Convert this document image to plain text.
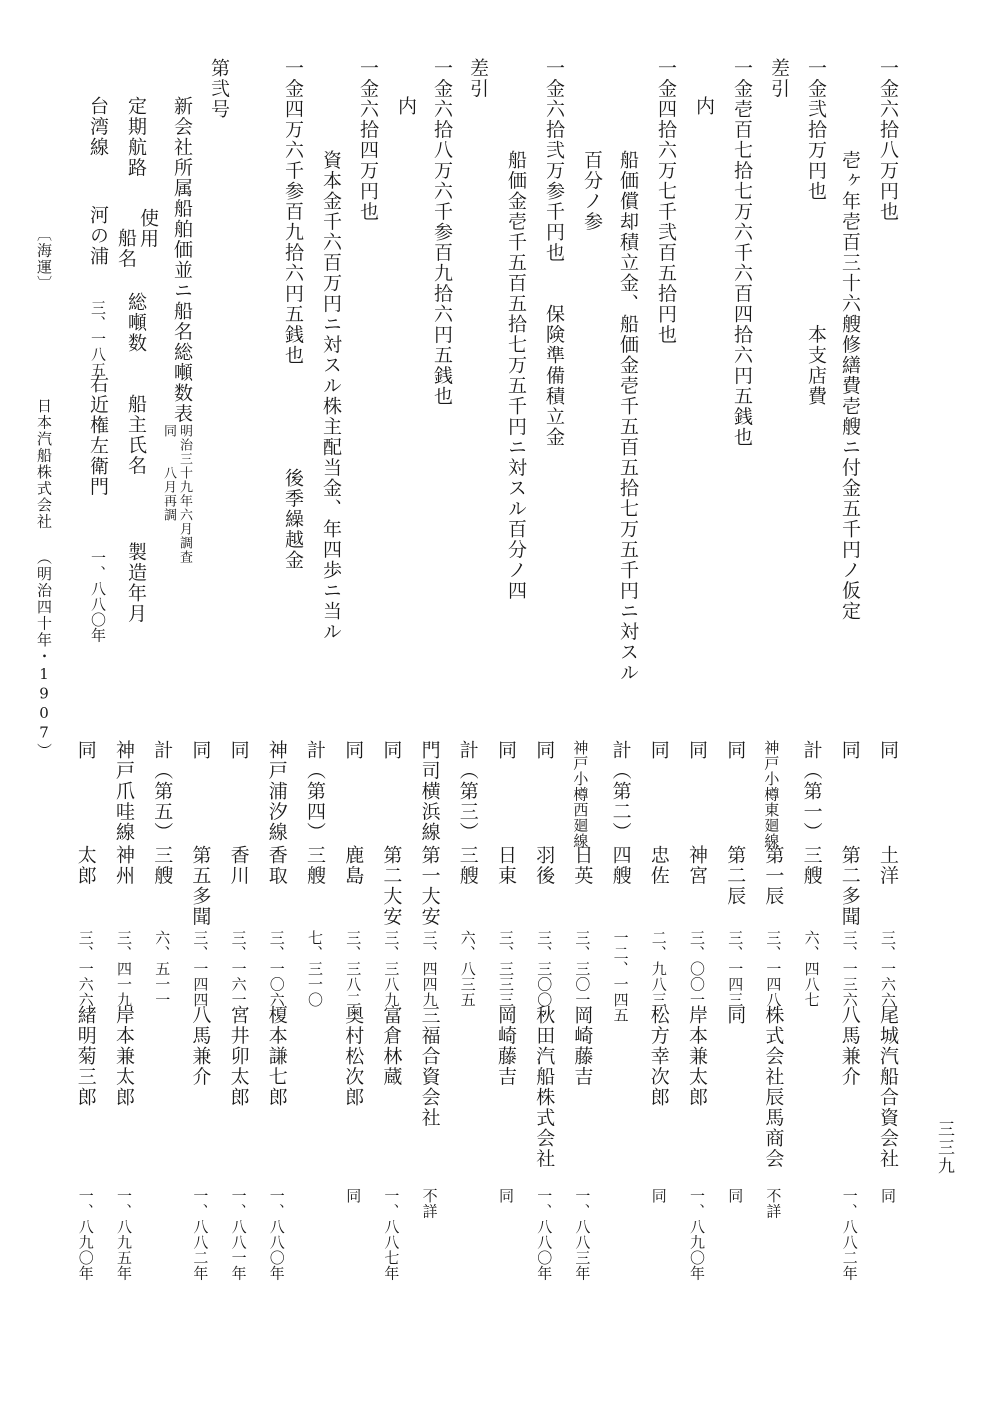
〔海運〕
日本汽船株式会社 （明治四十年・1907）
三三九
一金六拾八万円也
壱ヶ年壱百三十六艘修繕費壱艘ニ付金五千円ノ仮定
一金弐拾万円也　　　　　　本支店費
差引
一金壱百七拾七万六千六百四拾六円五銭也
内
一金四拾六万七千弐百五拾円也
船価償却積立金、船価金壱千五百五拾七万五千円ニ対スル
百分ノ参
一金六拾弐万参千円也　　保険準備積立金
船価金壱千五百五拾七万五千円ニ対スル百分ノ四
差引
一金六拾八万六千参百九拾六円五銭也
内
一金六拾四万円也
資本金千六百万円ニ対スル株主配当金、年四歩ニ当ル
一金四万六千参百九拾六円五銭也　　　　　後季繰越金
第弐号
新会社所属船舶価並ニ船名総噸数表
明治三十九年六月調査
同　　八月再調
定期航路
使用
船名
総噸数
船主氏名
製造年月
台湾線
河の浦
三、一八五
右近権左衛門
一、八八〇年
同
土洋
三、一六六
尾城汽船合資会社
同
同
第二多聞
三、一三六
八馬兼介
一、八八二年
計（第一）
三艘
六、四八七
神戸小樽東廻線
第一辰
三、一四八
株式会社辰馬商会
不詳
同
第二辰
三、一四三
同
同
同
神宮
三、〇〇一
岸本兼太郎
一、八九〇年
同
忠佐
二、九八三
松方幸次郎
同
計（第二）
四艘
一二、一四五
神戸小樽西廻線
日英
三、三〇一
岡崎藤吉
一、八八三年
同
羽後
三、三〇〇
秋田汽船株式会社
一、八八〇年
同
日東
三、三三三
岡崎藤吉
同
計（第三）
三艘
六、八三五
門司横浜線
第一大安
三、四四九
三福合資会社
不詳
同
第二大安
三、三八九
富倉林蔵
一、八八七年
同
鹿島
三、三八二
奥村松次郎
同
計（第四）
三艘
七、三一〇
神戸浦汐線
香取
三、一〇六
榎本謙七郎
一、八八〇年
同
香川
三、一六一
宮井卯太郎
一、八八一年
同
第五多聞
三、一四四
八馬兼介
一、八八二年
計（第五）
三艘
六、五一一
神戸爪哇線
神州
三、四一九
岸本兼太郎
一、八九五年
同
太郎
三、一六六
緒明菊三郎
一、八九〇年
